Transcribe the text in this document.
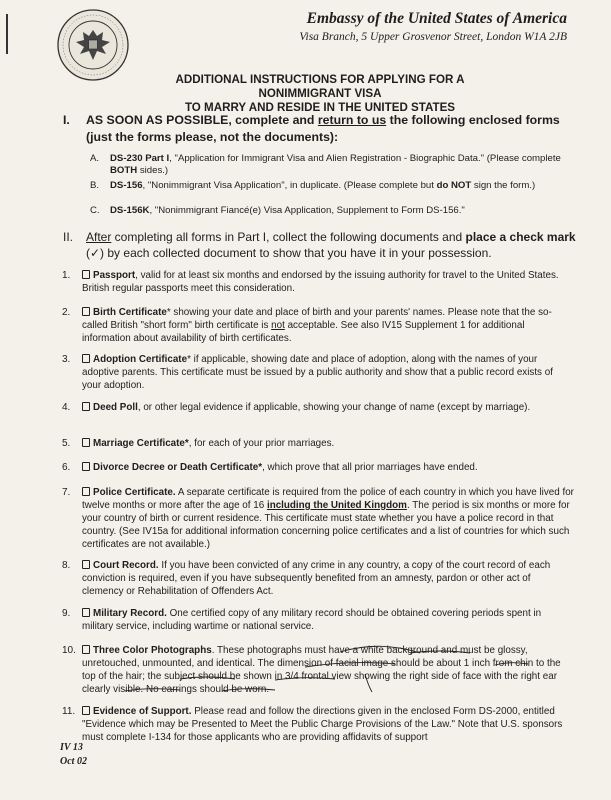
Embassy of the United States of America
Visa Branch, 5 Upper Grosvenor Street, London W1A 2JB
ADDITIONAL INSTRUCTIONS FOR APPLYING FOR A NONIMMIGRANT VISA
TO MARRY AND RESIDE IN THE UNITED STATES
I. AS SOON AS POSSIBLE, complete and return to us the following enclosed forms (just the forms please, not the documents):
A. DS-230 Part I, "Application for Immigrant Visa and Alien Registration - Biographic Data." (Please complete BOTH sides.)
B. DS-156, "Nonimmigrant Visa Application", in duplicate. (Please complete but do NOT sign the form.)
C. DS-156K, "Nonimmigrant Fiancé(e) Visa Application, Supplement to Form DS-156."
II. After completing all forms in Part I, collect the following documents and place a check mark (✓) by each collected document to show that you have it in your possession.
1.	Passport, valid for at least six months and endorsed by the issuing authority for travel to the United States. British regular passports meet this consideration.
2.	Birth Certificate* showing your date and place of birth and your parents' names. Please note that the so-called British "short form" birth certificate is not acceptable. See also IV15 Supplement 1 for additional information about availability of birth certificates.
3.	Adoption Certificate* if applicable, showing date and place of adoption, along with the names of your adoptive parents. This certificate must be issued by a public authority and show that a public record exists of your adoption.
4.	Deed Poll, or other legal evidence if applicable, showing your change of name (except by marriage).
5.	Marriage Certificate*, for each of your prior marriages.
6.	Divorce Decree or Death Certificate*, which prove that all prior marriages have ended.
7.	Police Certificate. A separate certificate is required from the police of each country in which you have lived for twelve months or more after the age of 16 including the United Kingdom. The period is six months or more for your country of birth or current residence. This certificate must state whether you have a police record in that country. (See IV15a for additional information concerning police certificates and a list of countries for which such certificates are not available.)
8.	Court Record. If you have been convicted of any crime in any country, a copy of the court record of each conviction is required, even if you have subsequently benefited from an amnesty, pardon or other act of clemency or Rehabilitation of Offenders Act.
9.	Military Record. One certified copy of any military record should be obtained covering periods spent in military service, including wartime or national service.
10.	Three Color Photographs. These photographs must have a white background and must be glossy, unretouched, unmounted, and identical. The dimension of facial image should be about 1 inch from chin to the top of the hair; the subject should be shown in 3/4 frontal view showing the right side of face with the right ear clearly visible. No earrings should be worn.
11.	Evidence of Support. Please read and follow the directions given in the enclosed Form DS-2000, entitled "Evidence which may be Presented to Meet the Public Charge Provisions of the Law." Note that U.S. sponsors must complete I-134 for those applicants who are providing affidavits of support
IV 13
Oct 02
